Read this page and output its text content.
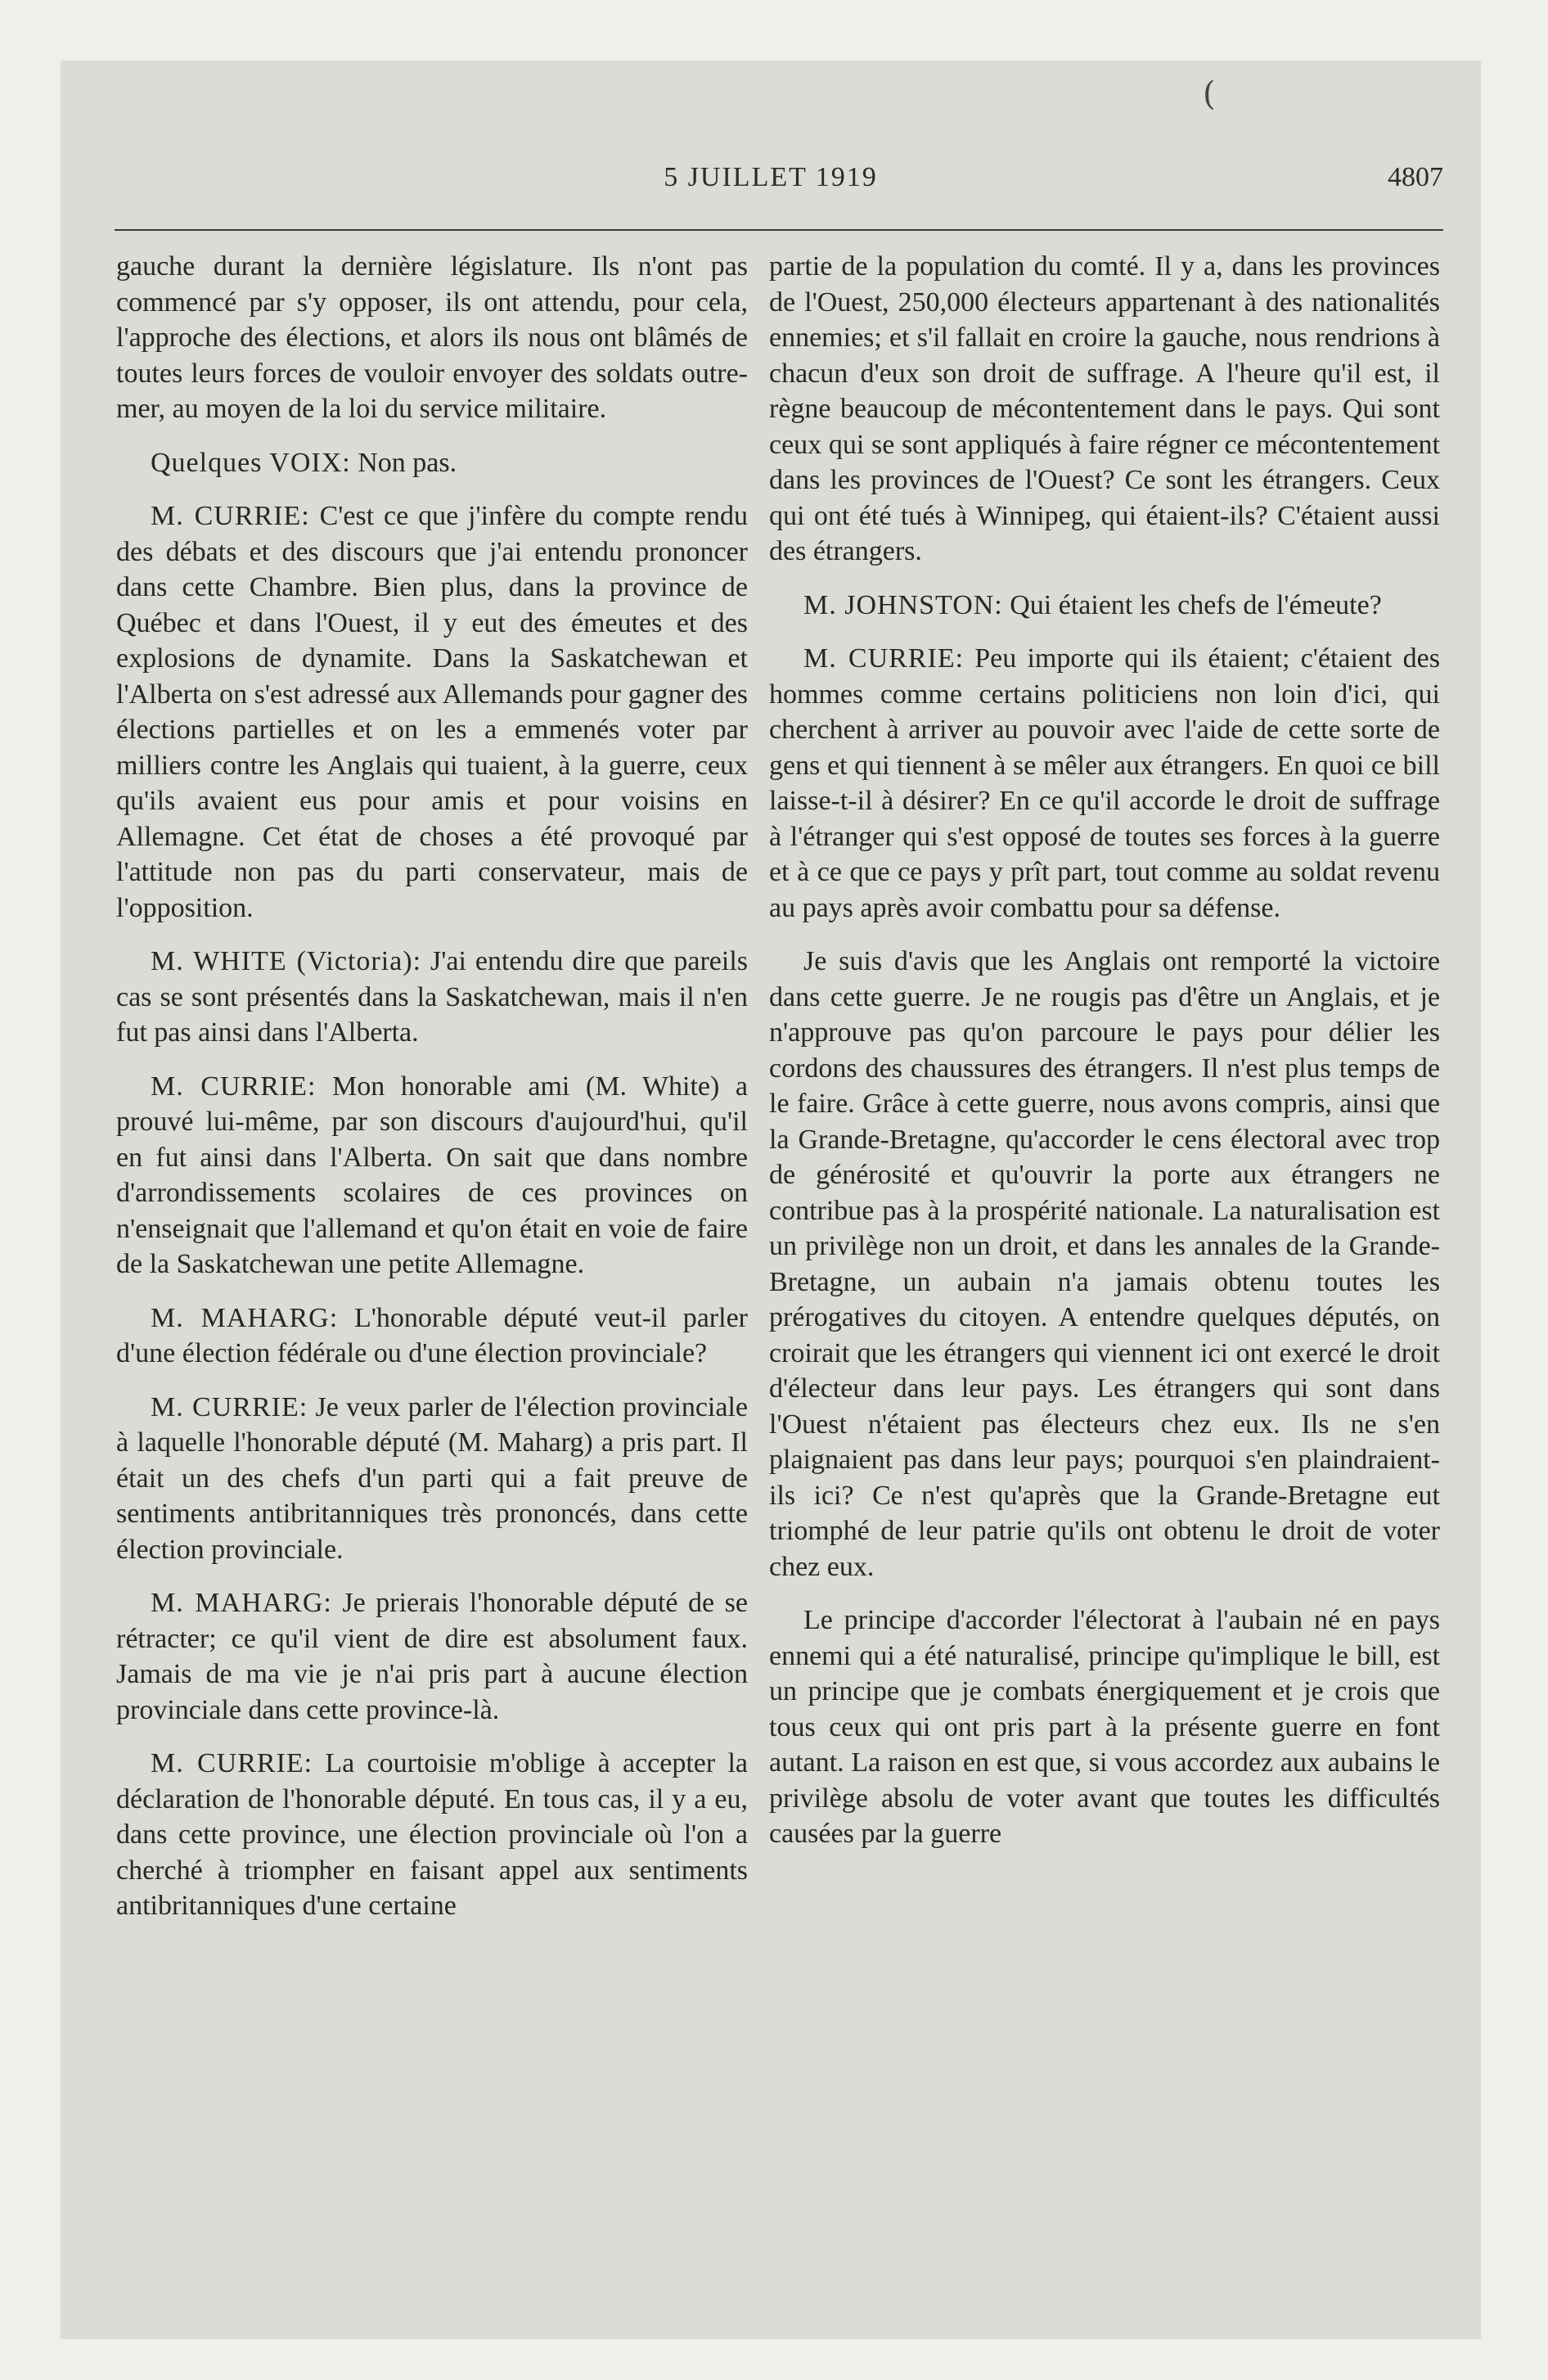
(
5 JUILLET 1919	4807

gauche durant la dernière législature. Ils n'ont pas commencé par s'y opposer, ils ont attendu, pour cela, l'approche des élections, et alors ils nous ont blâmés de toutes leurs forces de vouloir envoyer des soldats outre-mer, au moyen de la loi du service militaire.

Quelques VOIX: Non pas.

M. CURRIE: C'est ce que j'infère du compte rendu des débats et des discours que j'ai entendu prononcer dans cette Chambre. Bien plus, dans la province de Québec et dans l'Ouest, il y eut des émeutes et des explosions de dynamite. Dans la Saskatchewan et l'Alberta on s'est adressé aux Allemands pour gagner des élections partielles et on les a emmenés voter par milliers contre les Anglais qui tuaient, à la guerre, ceux qu'ils avaient eus pour amis et pour voisins en Allemagne. Cet état de choses a été provoqué par l'attitude non pas du parti conservateur, mais de l'opposition.

M. WHITE (Victoria): J'ai entendu dire que pareils cas se sont présentés dans la Saskatchewan, mais il n'en fut pas ainsi dans l'Alberta.

M. CURRIE: Mon honorable ami (M. White) a prouvé lui-même, par son discours d'aujourd'hui, qu'il en fut ainsi dans l'Alberta. On sait que dans nombre d'arrondissements scolaires de ces provinces on n'enseignait que l'allemand et qu'on était en voie de faire de la Saskatchewan une petite Allemagne.

M. MAHARG: L'honorable député veut-il parler d'une élection fédérale ou d'une élection provinciale?

M. CURRIE: Je veux parler de l'élection provinciale à laquelle l'honorable député (M. Maharg) a pris part. Il était un des chefs d'un parti qui a fait preuve de sentiments antibritanniques très prononcés, dans cette élection provinciale.

M. MAHARG: Je prierais l'honorable député de se rétracter; ce qu'il vient de dire est absolument faux. Jamais de ma vie je n'ai pris part à aucune élection provinciale dans cette province-là.

M. CURRIE: La courtoisie m'oblige à accepter la déclaration de l'honorable député. En tous cas, il y a eu, dans cette province, une élection provinciale où l'on a cherché à triompher en faisant appel aux sentiments antibritanniques d'une certaine

partie de la population du comté. Il y a, dans les provinces de l'Ouest, 250,000 électeurs appartenant à des nationalités ennemies; et s'il fallait en croire la gauche, nous rendrions à chacun d'eux son droit de suffrage. A l'heure qu'il est, il règne beaucoup de mécontentement dans le pays. Qui sont ceux qui se sont appliqués à faire régner ce mécontentement dans les provinces de l'Ouest? Ce sont les étrangers. Ceux qui ont été tués à Winnipeg, qui étaient-ils? C'étaient aussi des étrangers.

M. JOHNSTON: Qui étaient les chefs de l'émeute?

M. CURRIE: Peu importe qui ils étaient; c'étaient des hommes comme certains politiciens non loin d'ici, qui cherchent à arriver au pouvoir avec l'aide de cette sorte de gens et qui tiennent à se mêler aux étrangers. En quoi ce bill laisse-t-il à désirer? En ce qu'il accorde le droit de suffrage à l'étranger qui s'est opposé de toutes ses forces à la guerre et à ce que ce pays y prît part, tout comme au soldat revenu au pays après avoir combattu pour sa défense.

Je suis d'avis que les Anglais ont remporté la victoire dans cette guerre. Je ne rougis pas d'être un Anglais, et je n'approuve pas qu'on parcoure le pays pour délier les cordons des chaussures des étrangers. Il n'est plus temps de le faire. Grâce à cette guerre, nous avons compris, ainsi que la Grande-Bretagne, qu'accorder le cens électoral avec trop de générosité et qu'ouvrir la porte aux étrangers ne contribue pas à la prospérité nationale. La naturalisation est un privilège non un droit, et dans les annales de la Grande-Bretagne, un aubain n'a jamais obtenu toutes les prérogatives du citoyen. A entendre quelques députés, on croirait que les étrangers qui viennent ici ont exercé le droit d'électeur dans leur pays. Les étrangers qui sont dans l'Ouest n'étaient pas électeurs chez eux. Ils ne s'en plaignaient pas dans leur pays; pourquoi s'en plaindraient-ils ici? Ce n'est qu'après que la Grande-Bretagne eut triomphé de leur patrie qu'ils ont obtenu le droit de voter chez eux.

Le principe d'accorder l'électorat à l'aubain né en pays ennemi qui a été naturalisé, principe qu'implique le bill, est un principe que je combats énergiquement et je crois que tous ceux qui ont pris part à la présente guerre en font autant. La raison en est que, si vous accordez aux aubains le privilège absolu de voter avant que toutes les difficultés causées par la guerre
